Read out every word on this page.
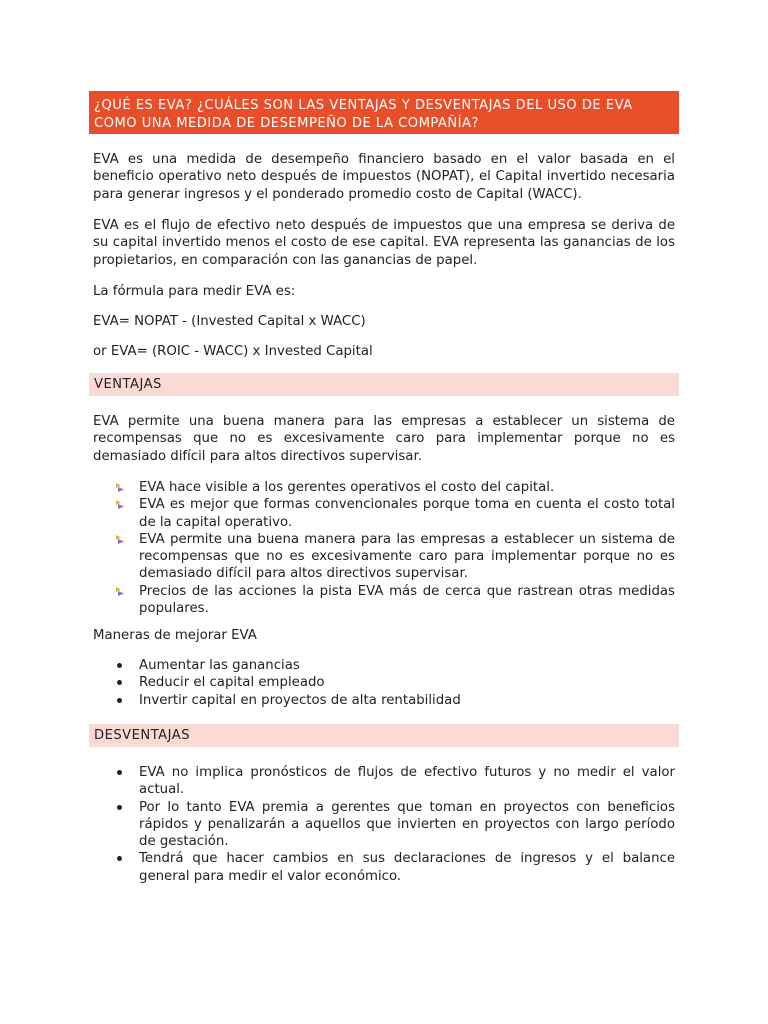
¿QUÉ ES EVA? ¿CUÁLES SON LAS VENTAJAS Y DESVENTAJAS DEL USO DE EVA COMO UNA MEDIDA DE DESEMPEÑO DE LA COMPAÑÍA?

EVA es una medida de desempeño financiero basado en el valor basada en el beneficio operativo neto después de impuestos (NOPAT), el Capital invertido necesaria para generar ingresos y el ponderado promedio costo de Capital (WACC).

EVA es el flujo de efectivo neto después de impuestos que una empresa se deriva de su capital invertido menos el costo de ese capital. EVA representa las ganancias de los propietarios, en comparación con las ganancias de papel.

La fórmula para medir EVA es:

EVA= NOPAT - (Invested Capital x WACC)

or EVA= (ROIC - WACC) x Invested Capital

VENTAJAS

EVA permite una buena manera para las empresas a establecer un sistema de recompensas que no es excesivamente caro para implementar porque no es demasiado difícil para altos directivos supervisar.

EVA hace visible a los gerentes operativos el costo del capital.
EVA es mejor que formas convencionales porque toma en cuenta el costo total de la capital operativo.
EVA permite una buena manera para las empresas a establecer un sistema de recompensas que no es excesivamente caro para implementar porque no es demasiado difícil para altos directivos supervisar.
Precios de las acciones la pista EVA más de cerca que rastrean otras medidas populares.

Maneras de mejorar EVA

Aumentar las ganancias
Reducir el capital empleado
Invertir capital en proyectos de alta rentabilidad
DESVENTAJAS
EVA no implica pronósticos de flujos de efectivo futuros y no medir el valor actual.
Por lo tanto EVA premia a gerentes que toman en proyectos con beneficios rápidos y penalizarán a aquellos que invierten en proyectos con largo período de gestación.
Tendrá que hacer cambios en sus declaraciones de ingresos y el balance general para medir el valor económico.
